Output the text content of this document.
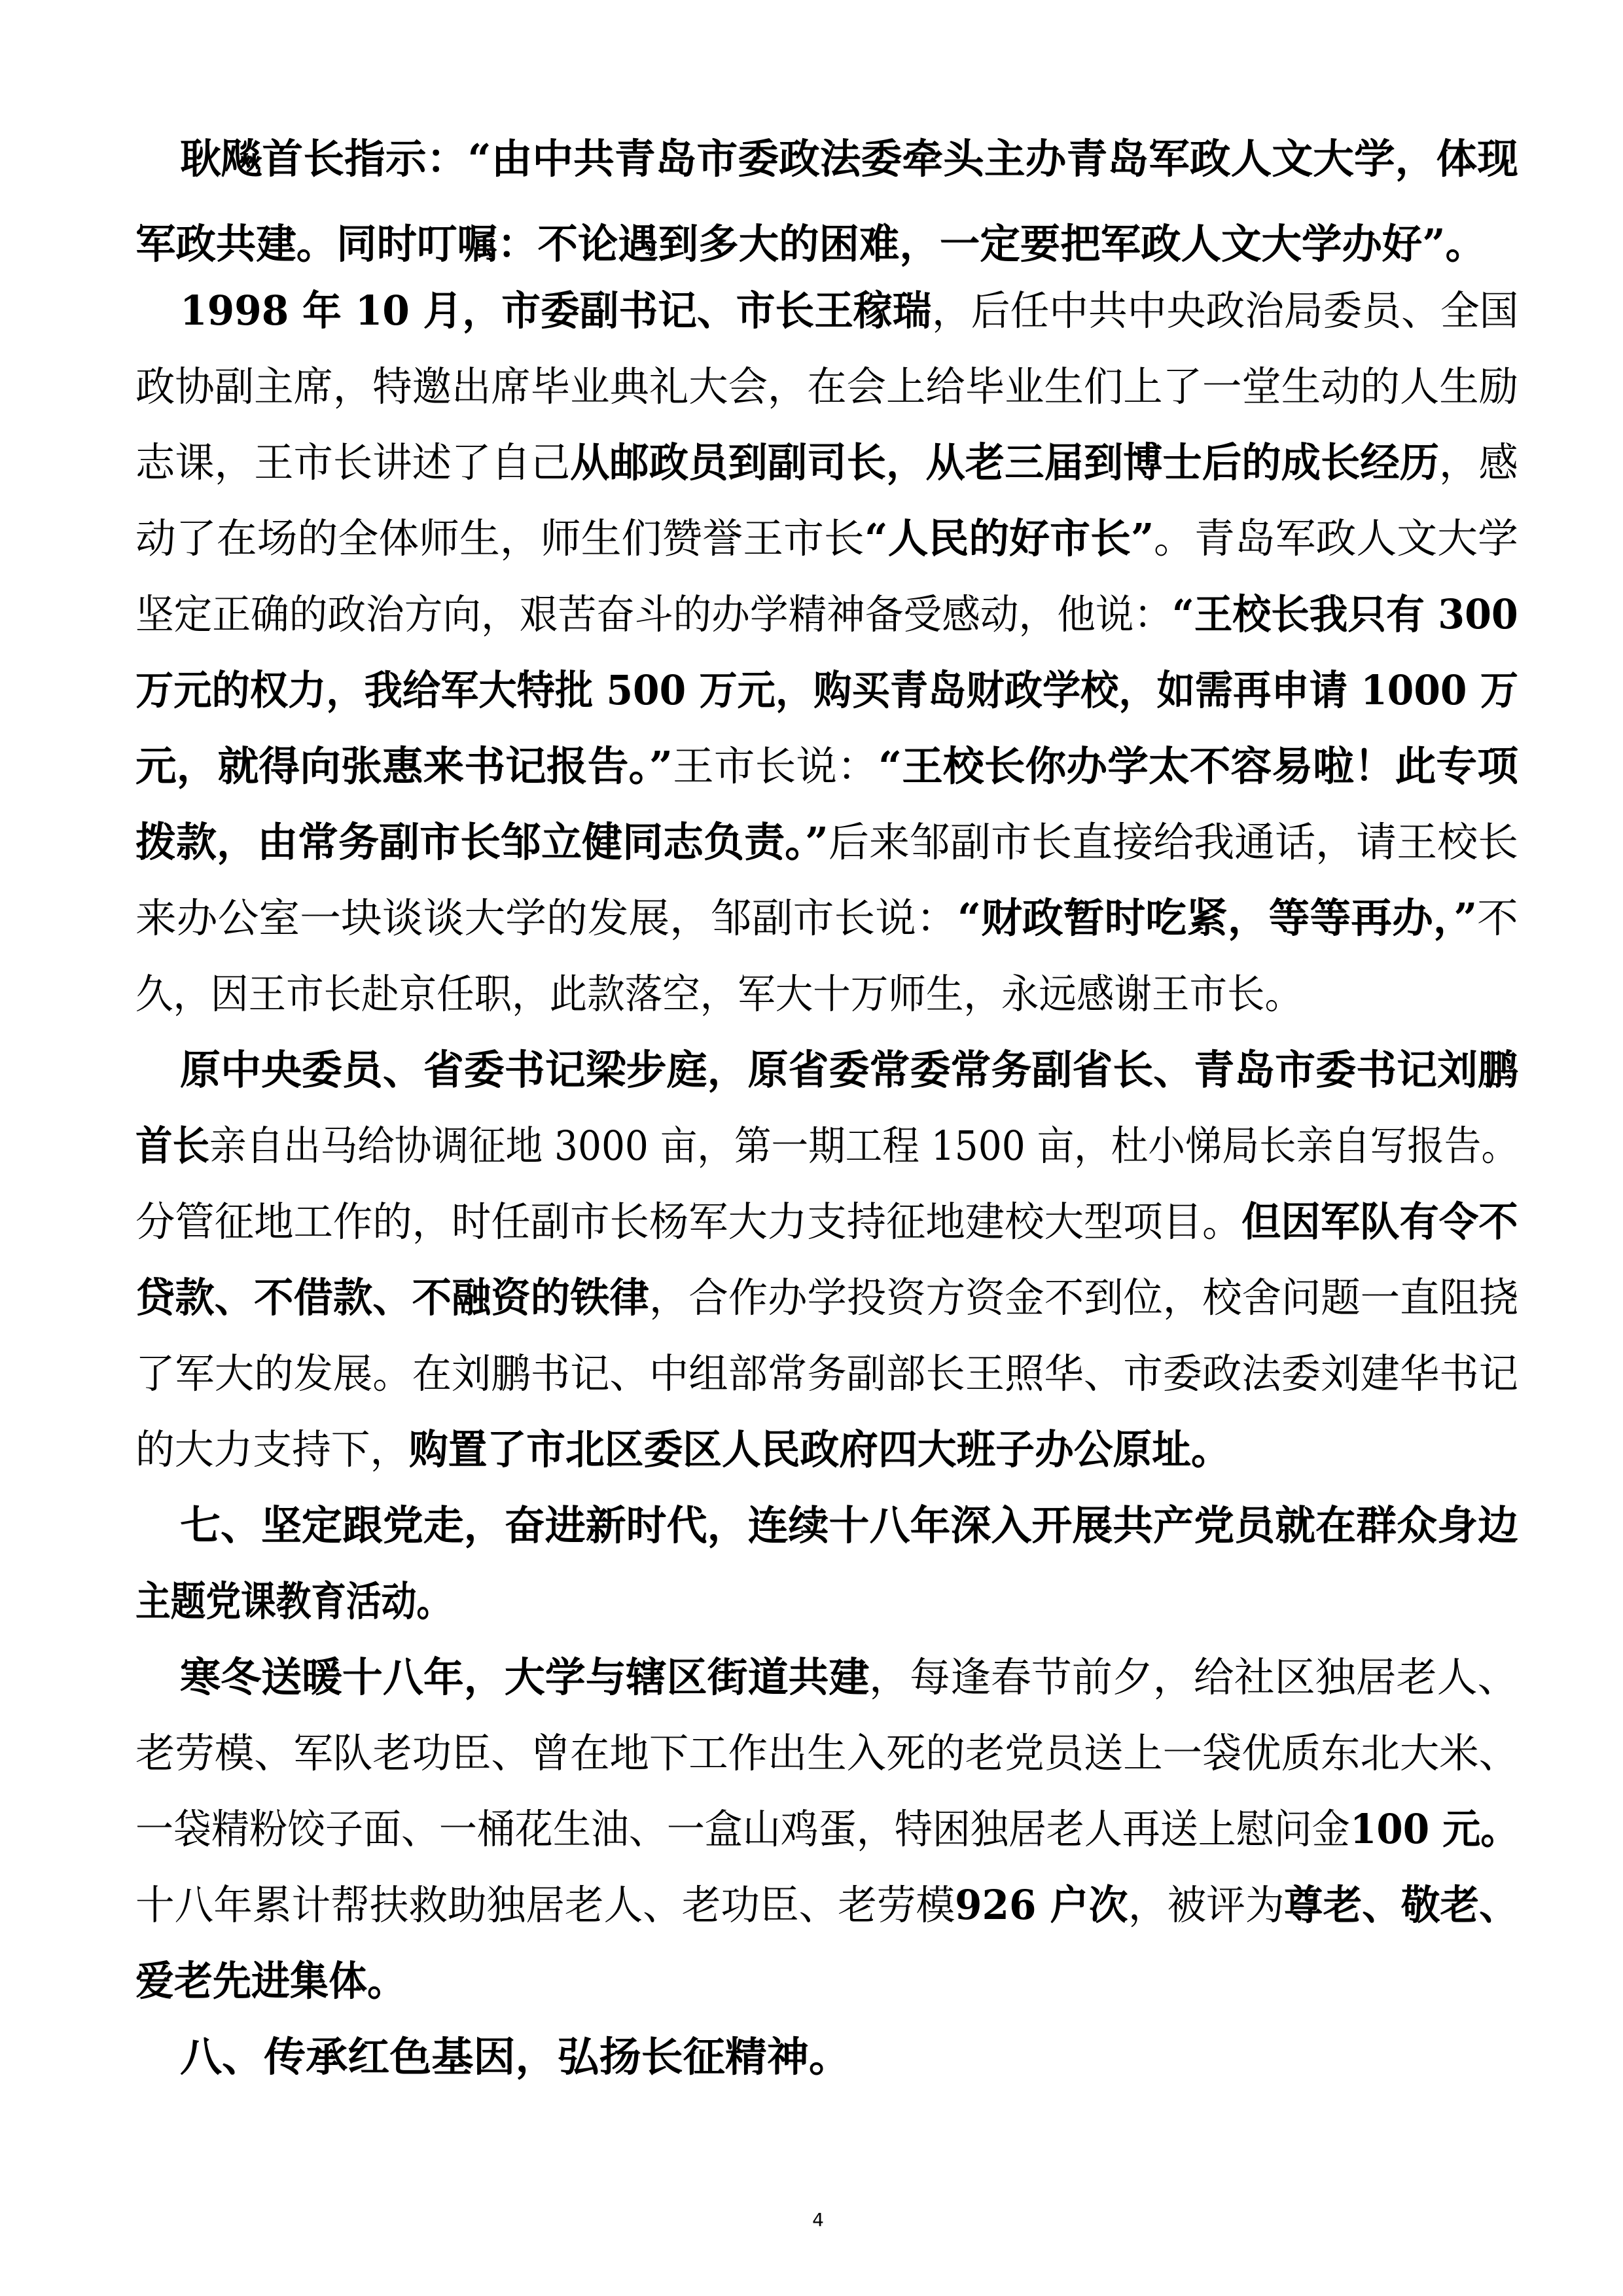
耿飚首长指示：“由中共青岛市委政法委牵头主办青岛军政人文大学，体现
军政共建。同时叮嘱：不论遇到多大的困难，一定要把军政人文大学办好”。
1998 年 10 月，市委副书记、市长王稼瑞 ，后任中共中央政治局委员、全国
政协副主席，特邀出席毕业典礼大会，在会上给毕业生们上了一堂生动的人生励
志课，王市长讲述了自己 从邮政员到副司长，从老三届到博士后的成长经历 ，感
动了在场的全体师生，师生们赞誉王市长 “人民的好市长” 。青岛军政人文大学
坚定正确的政治方向，艰苦奋斗的办学精神备受感动，他说： “王校长我只有 300
万元的权力，我给军大特批 500 万元，购买青岛财政学校，如需再申请 1000 万
元，就得向张惠来书记报告。” 王市长说： “王校长你办学太不容易啦！此专项
拨款，由常务副市长邹立健同志负责。” 后来邹副市长直接给我通话，请王校长
来办公室一块谈谈大学的发展，邹副市长说： “财政暂时吃紧，等等再办，” 不
久，因王市长赴京任职，此款落空，军大十万师生，永远感谢王市长。
原中央委员、省委书记梁步庭，原省委常委常务副省长、青岛市委书记刘鹏
首长 亲自出马给协调征地 3000 亩，第一期工程 1500 亩，杜小悌局长亲自写报告。
分管征地工作的，时任副市长杨军大力支持征地建校大型项目。 但因军队有令不
贷款、不借款、不融资的铁律 ，合作办学投资方资金不到位，校舍问题一直阻挠
了军大的发展。在刘鹏书记、中组部常务副部长王照华、市委政法委刘建华书记
的大力支持下， 购置了市北区委区人民政府四大班子办公原址。
七、坚定跟党走，奋进新时代，连续十八年深入开展共产党员就在群众身边
主题党课教育活动。
寒冬送暖十八年，大学与辖区街道共建 ，每逢春节前夕，给社区独居老人、
老劳模、军队老功臣、曾在地下工作出生入死的老党员送上一袋优质东北大米、
一袋精粉饺子面、一桶花生油、一盒山鸡蛋，特困独居老人再送上慰问金 100 元。
十八年累计帮扶救助独居老人、老功臣、老劳模 926 户次 ，被评为 尊老、敬老、
爱老先进集体。
八、传承红色基因，弘扬长征精神。
4
